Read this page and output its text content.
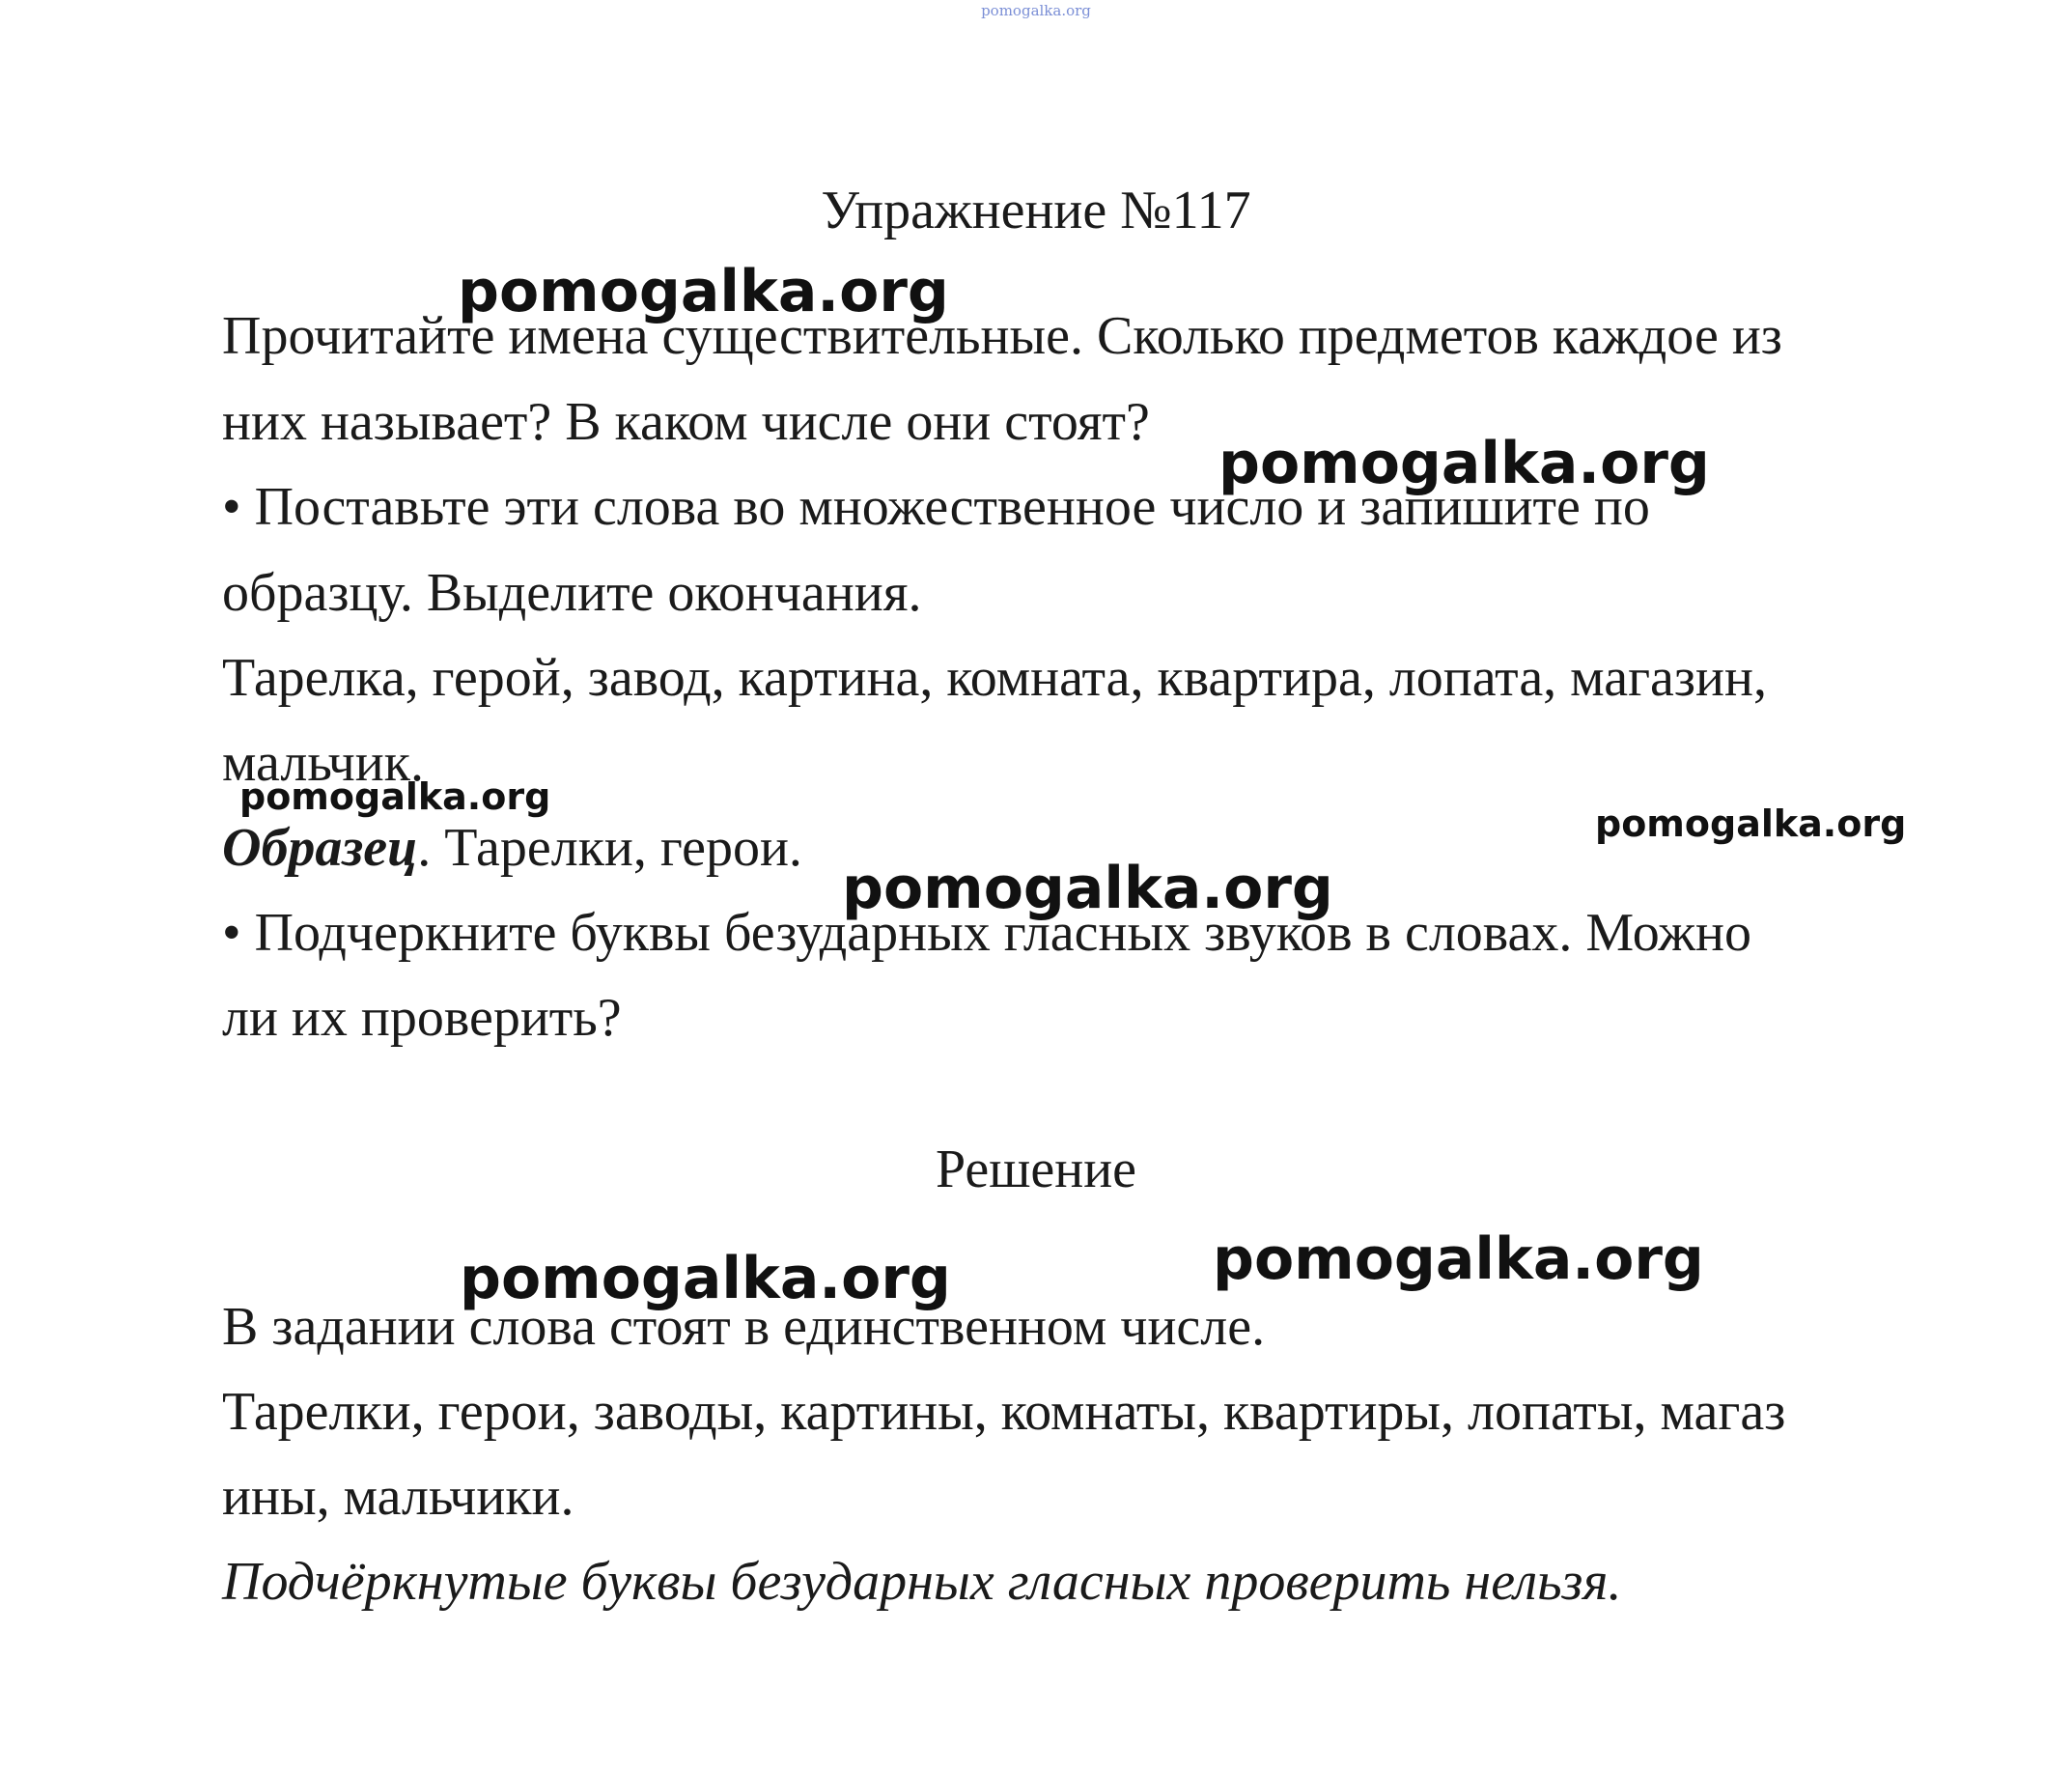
pomogalka.org
Упражнение №117
Прочитайте имена существительные. Сколько предметов каждое из
них называет? В каком числе они стоят?
• Поставьте эти слова во множественное число и запишите по
образцу. Выделите окончания.
Тарелка, герой, завод, картина, комната, квартира, лопата, магазин,
мальчик.
Образец. Тарелки, герои.
• Подчеркните буквы безударных гласных звуков в словах. Можно
ли их проверить?
Решение
В задании слова стоят в единственном числе.
Тарелки, герои, заводы, картины, комнаты, квартиры, лопаты, магаз
ины, мальчики.
Подчёркнутые буквы безударных гласных проверить нельзя.
pomogalka.org
pomogalka.org
pomogalka.org
pomogalka.org
pomogalka.org
pomogalka.org	pomogalka.org
